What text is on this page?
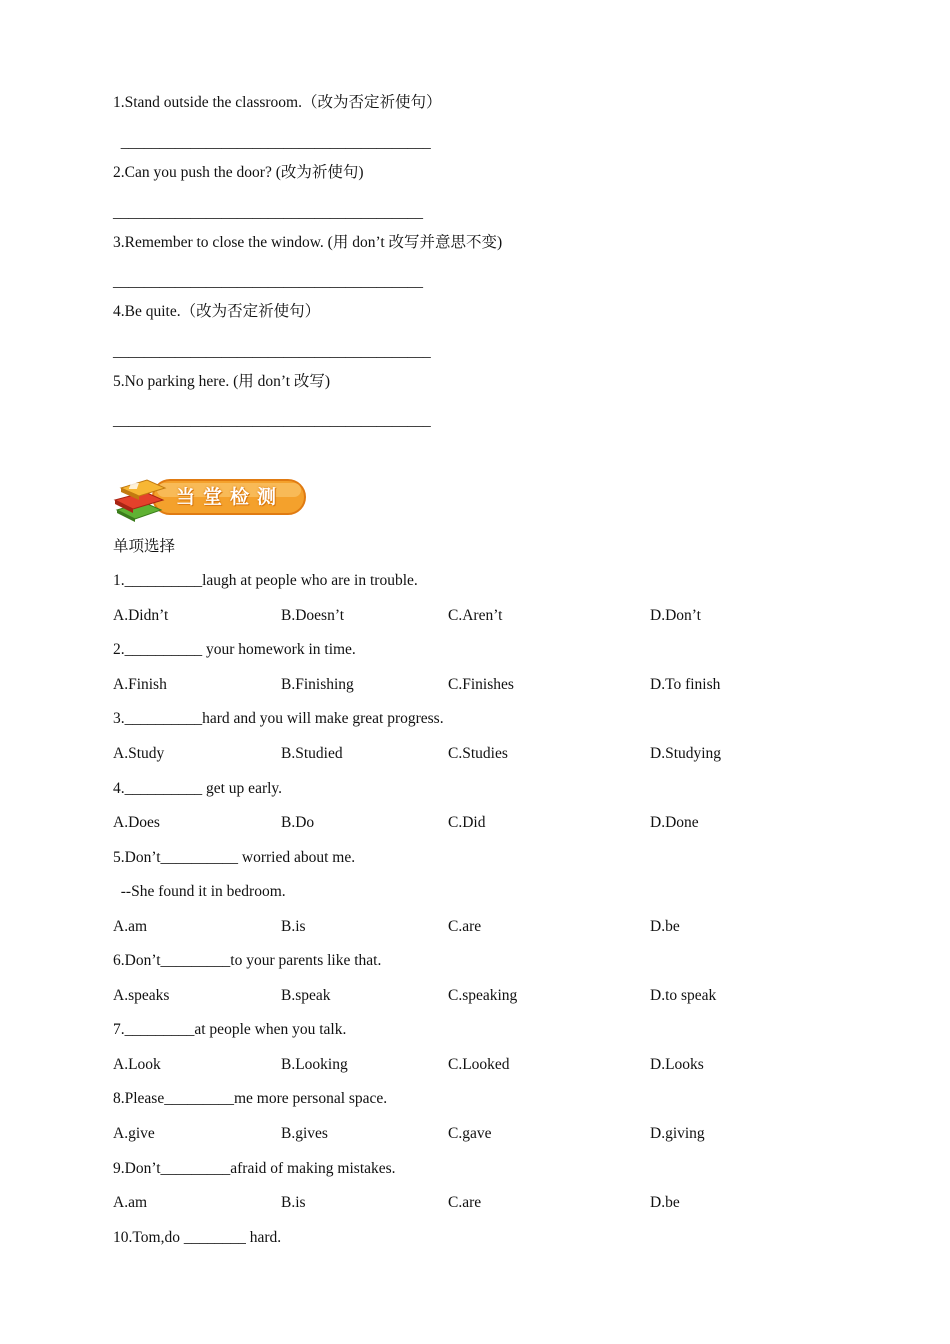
1.Stand outside the classroom.（改为否定祈使句）
________________________________________
2.Can you push the door? (改为祈使句)
________________________________________
3.Remember to close the window. (用 don’t 改写并意思不变)
________________________________________
4.Be quite.（改为否定祈使句）
_________________________________________
5.No parking here. (用 don’t 改写)
_________________________________________
当堂检测
单项选择
1.__________laugh at people who are in trouble.
A.Didn’t	B.Doesn’t	C.Aren’t	D.Don’t
2.__________ your homework in time.
A.Finish	B.Finishing	C.Finishes	D.To finish
3.__________hard and you will make great progress.
A.Study	B.Studied	C.Studies	D.Studying
4.__________ get up early.
A.Does	B.Do	C.Did	D.Done
5.Don’t__________ worried about me.
--She found it in bedroom.
A.am	B.is	C.are	D.be
6.Don’t_________to your parents like that.
A.speaks	B.speak	C.speaking	D.to speak
7._________at people when you talk.
A.Look	B.Looking	C.Looked	D.Looks
8.Please_________me more personal space.
A.give	B.gives	C.gave	D.giving
9.Don’t_________afraid of making mistakes.
A.am	B.is	C.are	D.be
10.Tom,do ________ hard.
